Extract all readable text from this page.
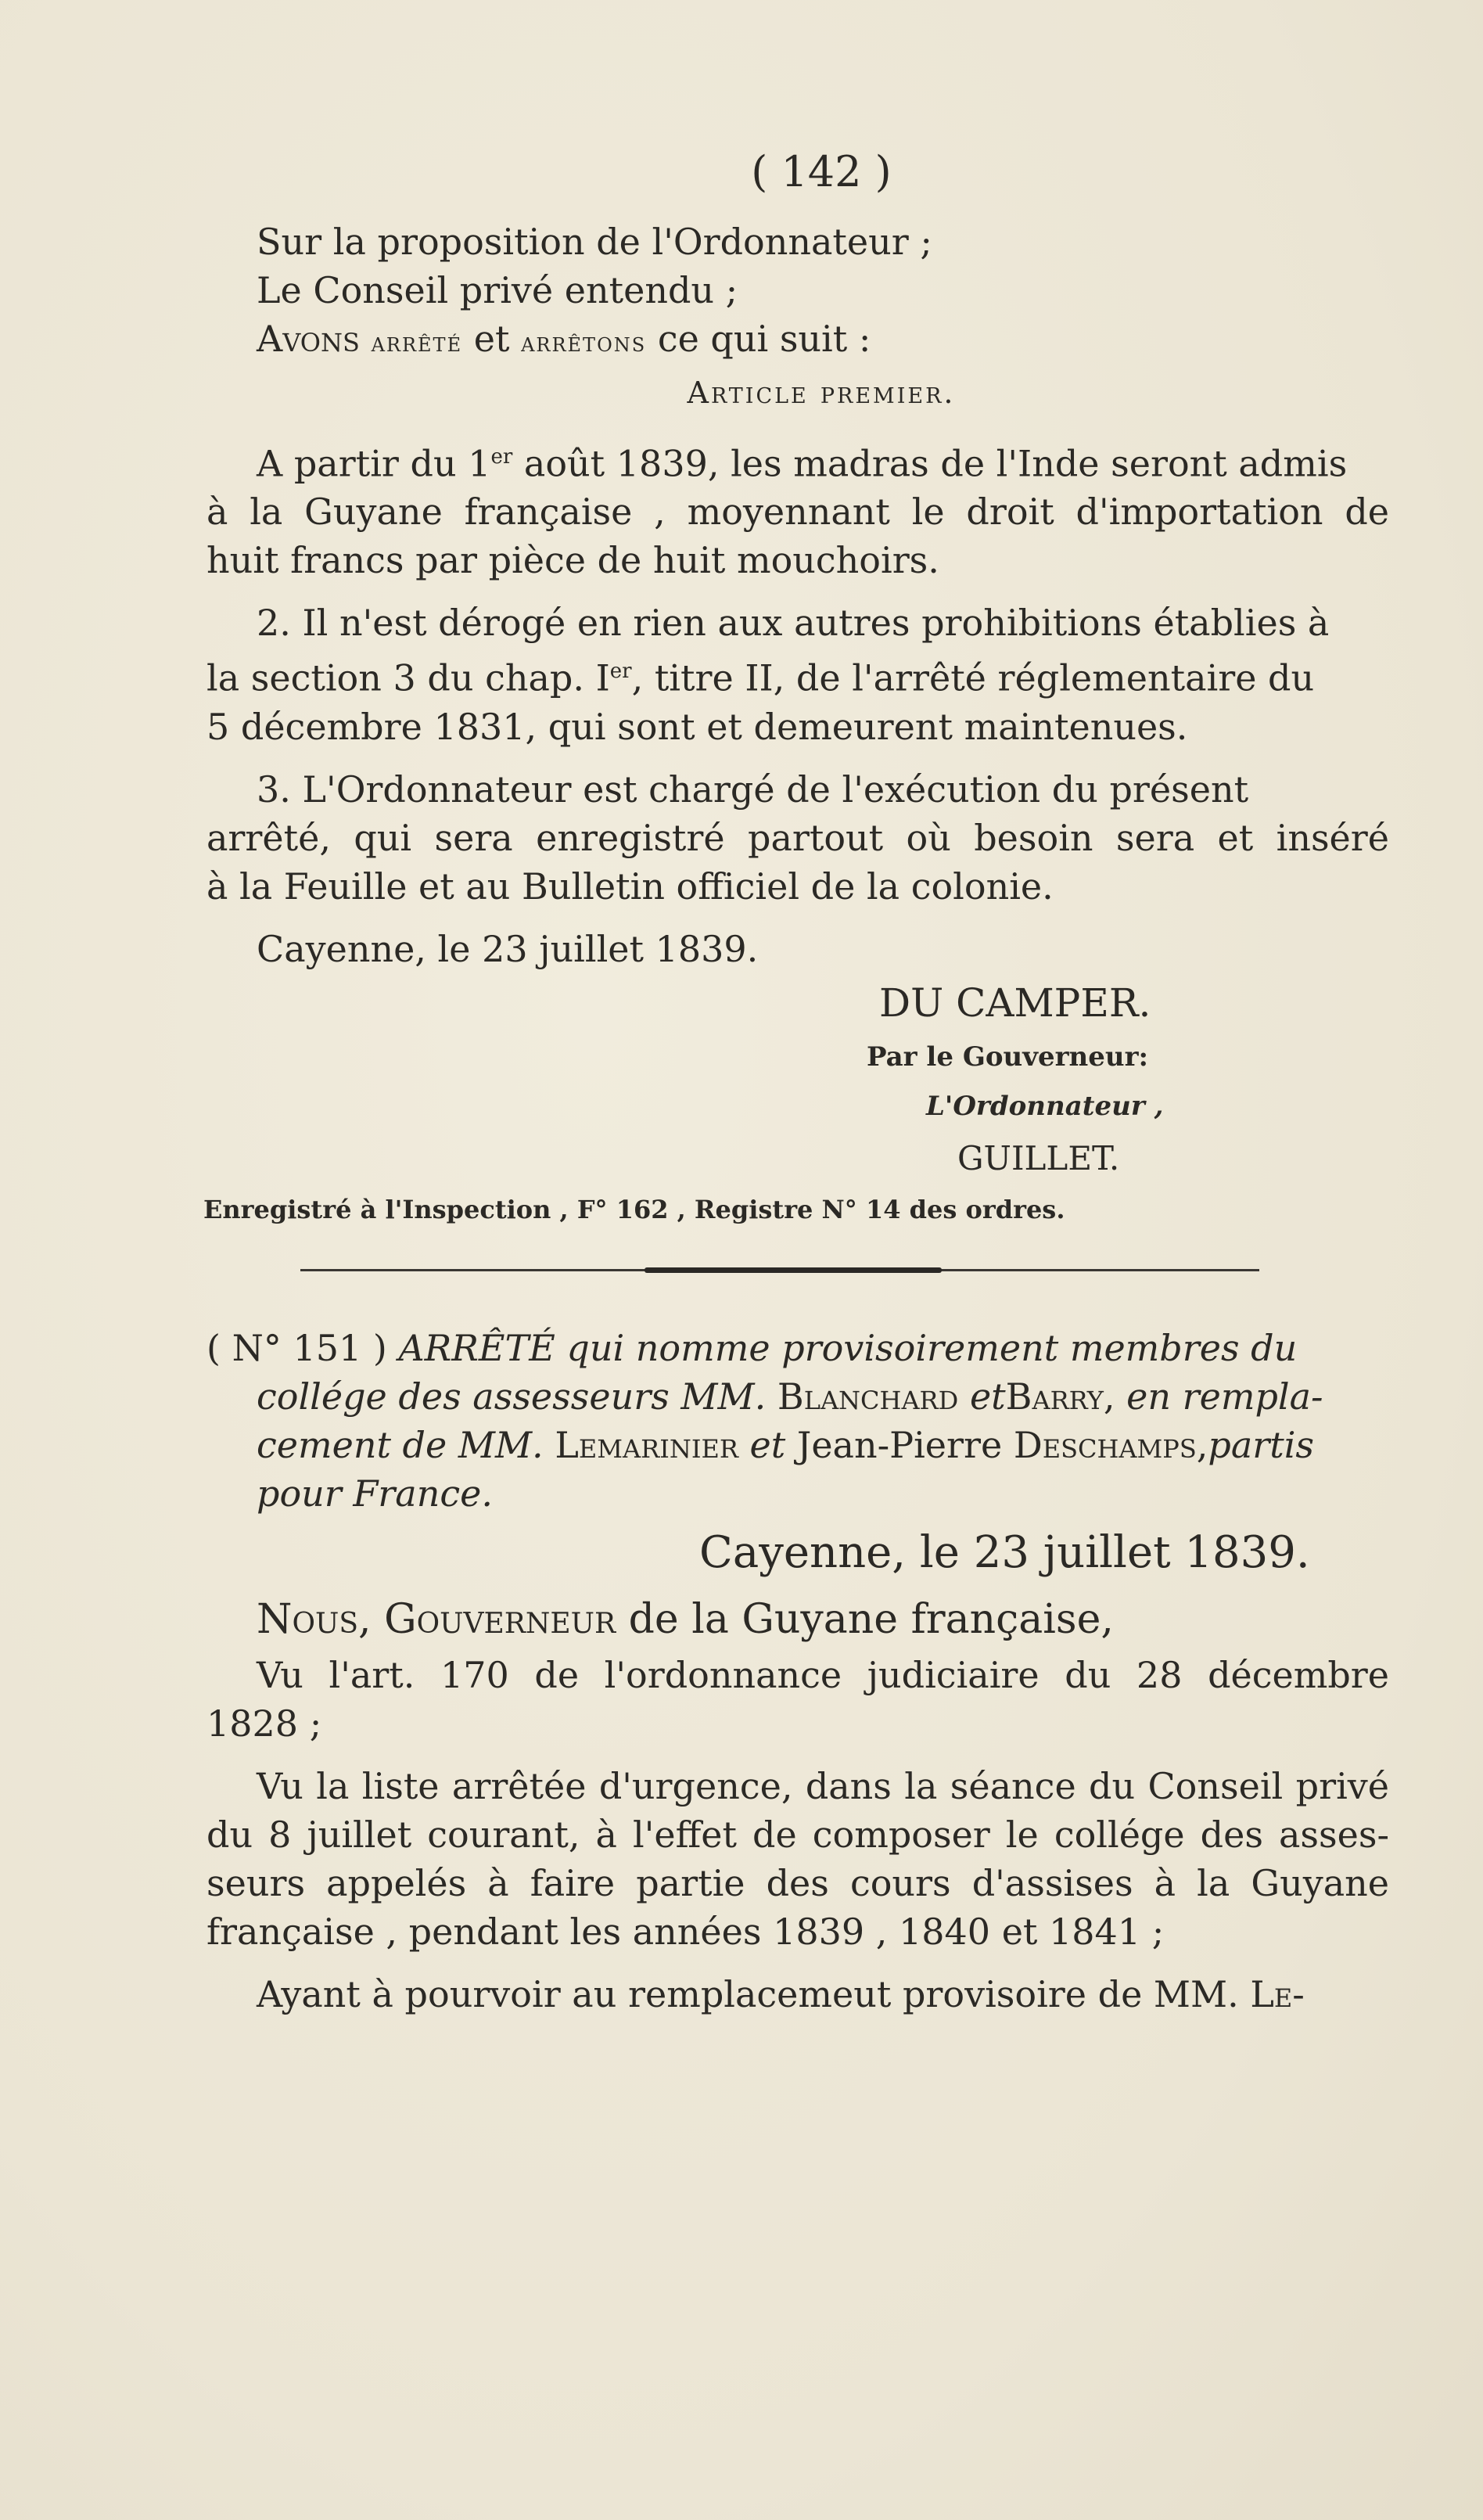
( 142 )
Sur la proposition de l'Ordonnateur ;
Le Conseil privé entendu ;
Avons arrêté et arrêtons ce qui suit :
Article premier.
A partir du 1er août 1839, les madras de l'Inde seront admis
à la Guyane française , moyennant le droit d'importation de
huit francs par pièce de huit mouchoirs.
2. Il n'est dérogé en rien aux autres prohibitions établies à
la section 3 du chap. Ier, titre II, de l'arrêté réglementaire du
5 décembre 1831, qui sont et demeurent maintenues.
3. L'Ordonnateur est chargé de l'exécution du présent
arrêté, qui sera enregistré partout où besoin sera et inséré
à la Feuille et au Bulletin officiel de la colonie.
Cayenne, le 23 juillet 1839.
DU CAMPER.
Par le Gouverneur:
L'Ordonnateur ,
GUILLET.
Enregistré à l'Inspection , F° 162 , Registre N° 14 des ordres.
( N° 151 ) ARRÊTÉ qui nomme provisoirement membres du
collége des assesseurs MM. Blanchard etBarry, en rempla-
cement de MM. Lemarinier et Jean-Pierre Deschamps,partis
pour France.
Cayenne, le 23 juillet 1839.
Nous, Gouverneur de la Guyane française,
Vu l'art. 170 de l'ordonnance judiciaire du 28 décembre
1828 ;
Vu la liste arrêtée d'urgence, dans la séance du Conseil privé
du 8 juillet courant, à l'effet de composer le collége des asses-
seurs appelés à faire partie des cours d'assises à la Guyane
française , pendant les années 1839 , 1840 et 1841 ;
Ayant à pourvoir au remplacemeut provisoire de MM. Le-
